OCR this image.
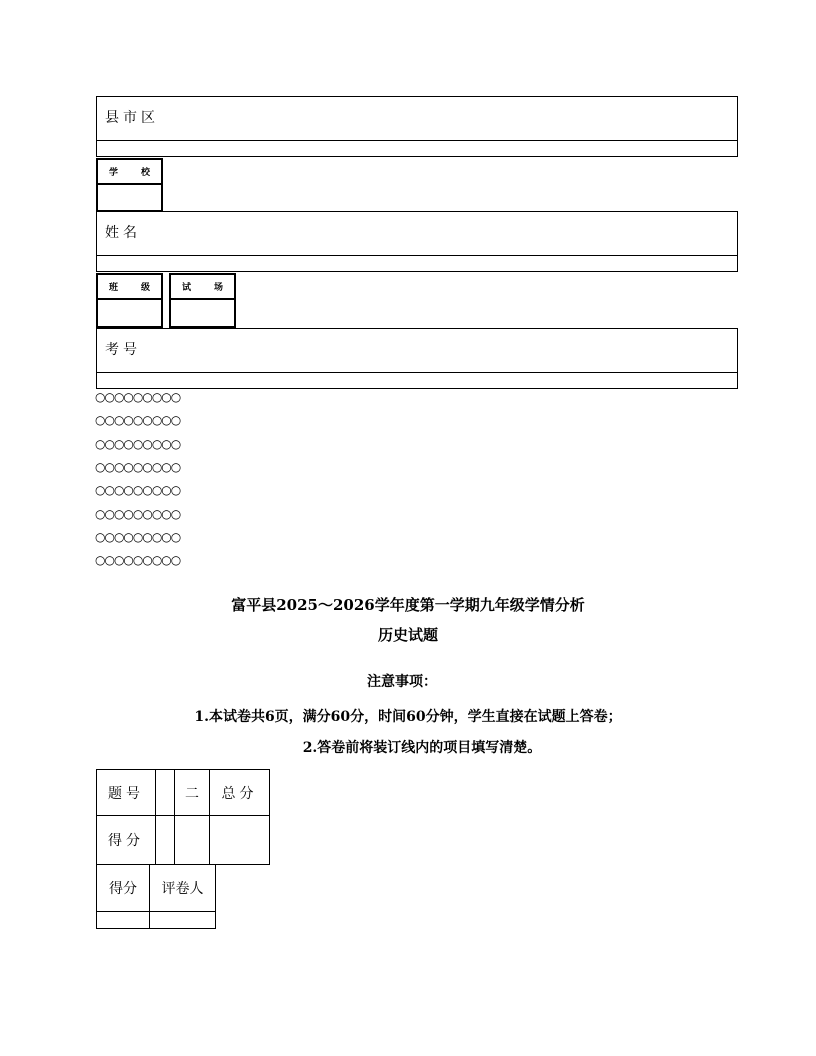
县市区
学	校
姓名
班	级	试	场
考号
○○○○○○○○○
○○○○○○○○○
○○○○○○○○○
○○○○○○○○○
○○○○○○○○○
○○○○○○○○○
○○○○○○○○○
○○○○○○○○○
富平县2025～2026学年度第一学期九年级学情分析
历史试题
注意事项：
1.本试卷共6页，满分60分，时间60分钟，学生直接在试题上答卷；
2.答卷前将装订线内的项目填写清楚。
题号		二	总分
得分			
得分	评卷人
